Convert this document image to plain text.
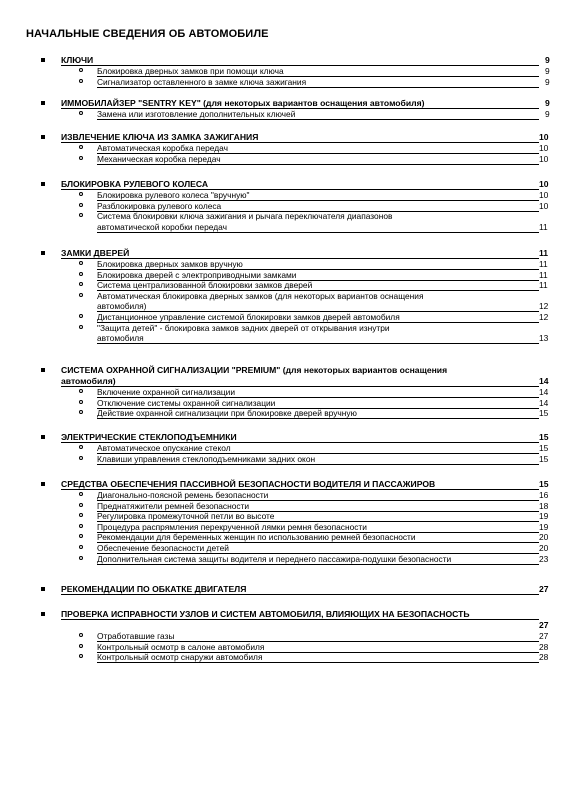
НАЧАЛЬНЫЕ СВЕДЕНИЯ ОБ АВТОМОБИЛЕ
КЛЮЧИ	9
Блокировка дверных замков при помощи ключа	9
Сигнализатор оставленного в замке ключа зажигания	9
ИММОБИЛАЙЗЕР "SENTRY KEY" (для некоторых вариантов оснащения автомобиля)	9
Замена или изготовление дополнительных ключей	9
ИЗВЛЕЧЕНИЕ КЛЮЧА ИЗ ЗАМКА ЗАЖИГАНИЯ	10
Автоматическая коробка передач	10
Механическая коробка передач	10
БЛОКИРОВКА РУЛЕВОГО КОЛЕСА	10
Блокировка рулевого колеса "вручную"	10
Разблокировка рулевого колеса	10
Система блокировки ключа зажигания и рычага переключателя диапазонов
автоматической коробки передач	11
ЗАМКИ ДВЕРЕЙ	11
Блокировка дверных замков вручную	11
Блокировка дверей с электроприводными замками	11
Система централизованной блокировки замков дверей	11
Автоматическая блокировка дверных замков (для некоторых вариантов оснащения
автомобиля)	12
Дистанционное управление системой блокировки замков дверей автомобиля	12
"Защита детей" - блокировка замков задних дверей от открывания изнутри
автомобиля	13
СИСТЕМА ОХРАННОЙ СИГНАЛИЗАЦИИ "PREMIUM" (для некоторых вариантов оснащения
автомобиля)	14
Включение охранной сигнализации	14
Отключение системы охранной сигнализации	14
Действие охранной сигнализации при блокировке дверей вручную	15
ЭЛЕКТРИЧЕСКИЕ СТЕКЛОПОДЪЕМНИКИ	15
Автоматическое опускание стекол	15
Клавиши управления стеклоподъемниками задних окон	15
СРЕДСТВА ОБЕСПЕЧЕНИЯ ПАССИВНОЙ БЕЗОПАСНОСТИ ВОДИТЕЛЯ И ПАССАЖИРОВ	15
Диагонально-поясной ремень безопасности	16
Преднатяжители ремней безопасности	18
Регулировка промежуточной петли во высоте	19
Процедура распрямления перекрученной лямки ремня безопасности	19
Рекомендации для беременных женщин по использованию ремней безопасности	20
Обеспечение безопасности детей	20
Дополнительная система защиты водителя и переднего пассажира-подушки безопасности	23
РЕКОМЕНДАЦИИ ПО ОБКАТКЕ ДВИГАТЕЛЯ	27
ПРОВЕРКА ИСПРАВНОСТИ УЗЛОВ И СИСТЕМ АВТОМОБИЛЯ, ВЛИЯЮЩИХ НА БЕЗОПАСНОСТЬ
27
Отработавшие газы	27
Контрольный осмотр в салоне автомобиля	28
Контрольный осмотр снаружи автомобиля	28
